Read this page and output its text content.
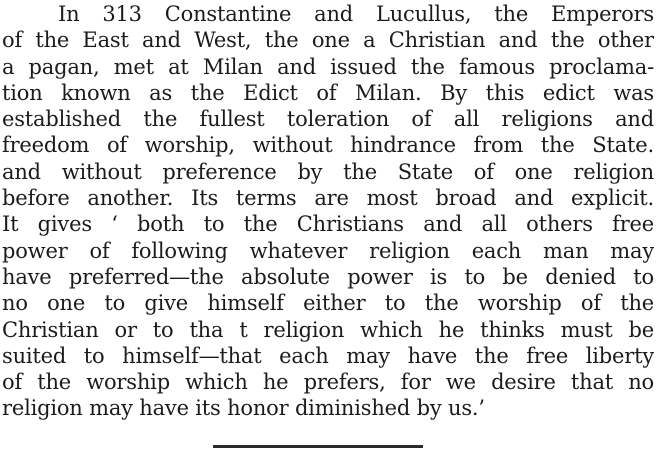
In 313 Constantine and Lucullus, the Emperors
of the East and West, the one a Christian and the other
a pagan, met at Milan and issued the famous proclama-
tion known as the Edict of Milan. By this edict was
established the fullest toleration of all religions and
freedom of worship, without hindrance from the State.
and without preference by the State of one religion
before another. Its terms are most broad and explicit.
It gives ‘ both to the Christians and all others free
power of following whatever religion each man may
have preferred—the absolute power is to be denied to
no one to give himself either to the worship of the
Christian or to tha t religion which he thinks must be
suited to himself—that each may have the free liberty
of the worship which he prefers, for we desire that no
religion may have its honor diminished by us.’
